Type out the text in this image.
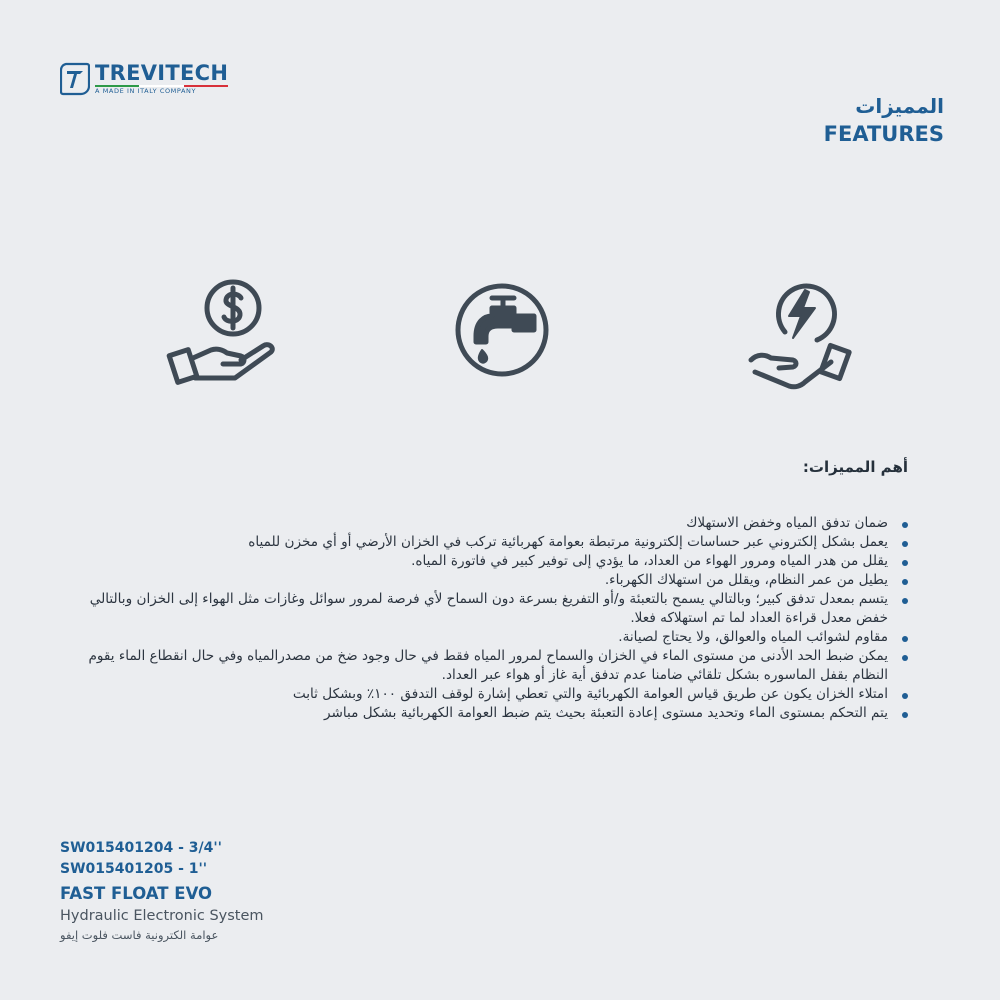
TREVITECH
A MADE IN ITALY COMPANY
المميزات
FEATURES
أهم المميزات:
ضمان تدفق المياه وخفض الاستهلاك
يعمل بشكل إلكتروني عبر حساسات إلكترونية مرتبطة بعوامة كهربائية تركب في الخزان الأرضي أو أي مخزن للمياه
يقلل من هدر المياه ومرور الهواء من العداد، ما يؤدي إلى توفير كبير في فاتورة المياه.
يطيل من عمر النظام، ويقلل من استهلاك الكهرباء.
يتسم بمعدل تدفق كبير؛ وبالتالي يسمح بالتعبئة و/أو التفريغ بسرعة دون السماح لأي فرصة لمرور سوائل وغازات مثل الهواء إلى الخزان وبالتالي خفض معدل قراءة العداد لما تم استهلاكه فعلا.
مقاوم لشوائب المياه والعوالق، ولا يحتاج لصيانة.
يمكن ضبط الحد الأدنى من مستوى الماء في الخزان والسماح لمرور المياه فقط في حال وجود ضخ من مصدرالمياه وفي حال انقطاع الماء يقوم النظام بقفل الماسوره بشكل تلقائي ضامنا عدم تدفق أية غاز أو هواء عبر العداد.
امتلاء الخزان يكون عن طريق قياس العوامة الكهربائية والتي تعطي إشارة لوقف التدفق ١٠٠٪ وبشكل ثابت
يتم التحكم بمستوى الماء وتحديد مستوى إعادة التعبئة بحيث يتم ضبط العوامة الكهربائية بشكل مباشر
SW015401204 - 3/4''
SW015401205 - 1''
FAST FLOAT EVO
Hydraulic Electronic System
عوامة الكترونية فاست فلوت إيفو
